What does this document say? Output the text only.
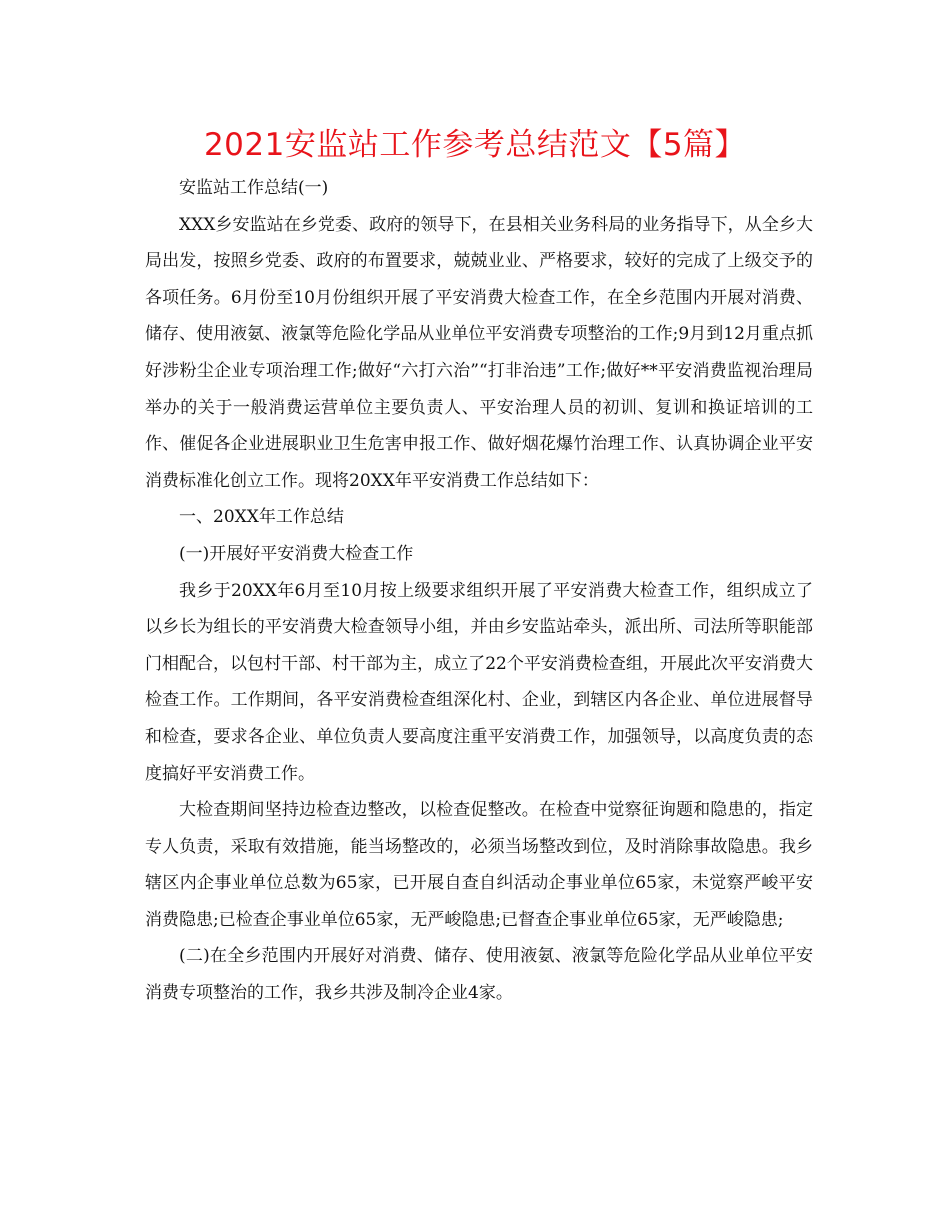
2021安监站工作参考总结范文【5篇】

安监站工作总结(一)

XXX乡安监站在乡党委、政府的领导下，在县相关业务科局的业务指导下，从全乡大局出发，按照乡党委、政府的布置要求，兢兢业业、严格要求，较好的完成了上级交予的各项任务。6月份至10月份组织开展了平安消费大检查工作，在全乡范围内开展对消费、储存、使用液氨、液氯等危险化学品从业单位平安消费专项整治的工作;9月到12月重点抓好涉粉尘企业专项治理工作;做好“六打六治”“打非治违”工作;做好**平安消费监视治理局举办的关于一般消费运营单位主要负责人、平安治理人员的初训、复训和换证培训的工作、催促各企业进展职业卫生危害申报工作、做好烟花爆竹治理工作、认真协调企业平安消费标准化创立工作。现将20XX年平安消费工作总结如下：

一、20XX年工作总结

(一)开展好平安消费大检查工作

我乡于20XX年6月至10月按上级要求组织开展了平安消费大检查工作，组织成立了以乡长为组长的平安消费大检查领导小组，并由乡安监站牵头，派出所、司法所等职能部门相配合，以包村干部、村干部为主，成立了22个平安消费检查组，开展此次平安消费大检查工作。工作期间，各平安消费检查组深化村、企业，到辖区内各企业、单位进展督导和检查，要求各企业、单位负责人要高度注重平安消费工作，加强领导，以高度负责的态度搞好平安消费工作。

大检查期间坚持边检查边整改，以检查促整改。在检查中觉察征询题和隐患的，指定专人负责，采取有效措施，能当场整改的，必须当场整改到位，及时消除事故隐患。我乡辖区内企事业单位总数为65家，已开展自查自纠活动企事业单位65家，未觉察严峻平安消费隐患;已检查企事业单位65家，无严峻隐患;已督查企事业单位65家，无严峻隐患;

(二)在全乡范围内开展好对消费、储存、使用液氨、液氯等危险化学品从业单位平安消费专项整治的工作，我乡共涉及制冷企业4家。
